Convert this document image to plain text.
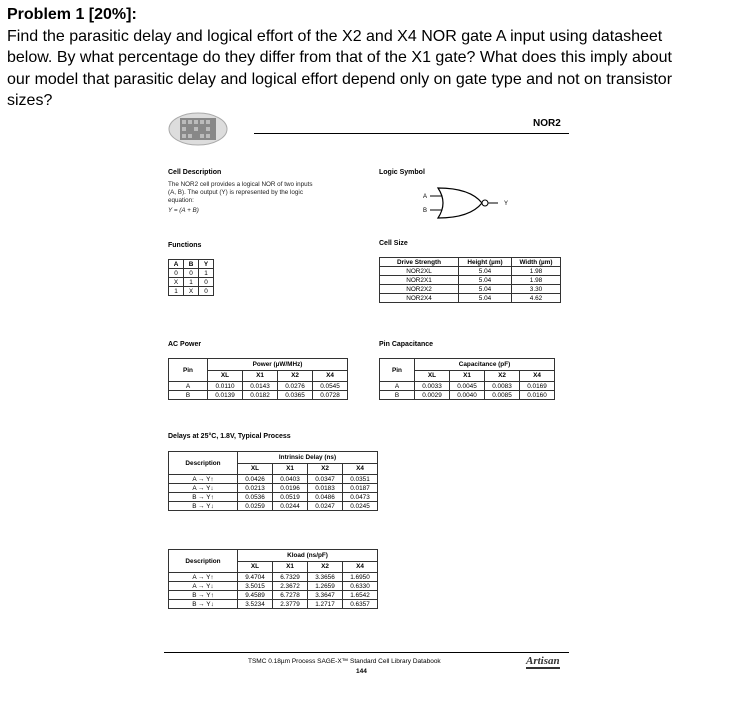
Problem 1 [20%]:
Find the parasitic delay and logical effort of the X2 and X4 NOR gate A input using datasheet
below. By what percentage do they differ from that of the X1 gate? What does this imply about
our model that parasitic delay and logical effort depend only on gate type and not on transistor
sizes?
NOR2
Cell Description
The NOR2 cell provides a logical NOR of two inputs
(A, B). The output (Y) is represented by the logic
equation:
Y = (A + B)
Logic Symbol
A
B
Y
Functions
A	B	Y
0	0	1
X	1	0
1	X	0
Cell Size
Drive Strength	Height (µm)	Width (µm)
NOR2XL	5.04	1.98
NOR2X1	5.04	1.98
NOR2X2	5.04	3.30
NOR2X4	5.04	4.62
AC Power
Pin	Power (µW/MHz)			
	XL	X1	X2	X4
A	0.0110	0.0143	0.0276	0.0545
B	0.0139	0.0182	0.0365	0.0728
Pin Capacitance
Pin	Capacitance (pF)			
	XL	X1	X2	X4
A	0.0033	0.0045	0.0083	0.0169
B	0.0029	0.0040	0.0085	0.0160
Delays at 25°C, 1.8V, Typical Process
Description	Intrinsic Delay (ns)			
	XL	X1	X2	X4
A → Y↑	0.0426	0.0403	0.0347	0.0351
A → Y↓	0.0213	0.0196	0.0183	0.0187
B → Y↑	0.0536	0.0519	0.0486	0.0473
B → Y↓	0.0259	0.0244	0.0247	0.0245
Description	Kload (ns/pF)			
	XL	X1	X2	X4
A → Y↑	9.4704	6.7329	3.3656	1.6950
A → Y↓	3.5015	2.3672	1.2659	0.6330
B → Y↑	9.4589	6.7278	3.3647	1.6542
B → Y↓	3.5234	2.3779	1.2717	0.6357
TSMC 0.18µm Process SAGE-X™ Standard Cell Library Databook
144
Artisan
